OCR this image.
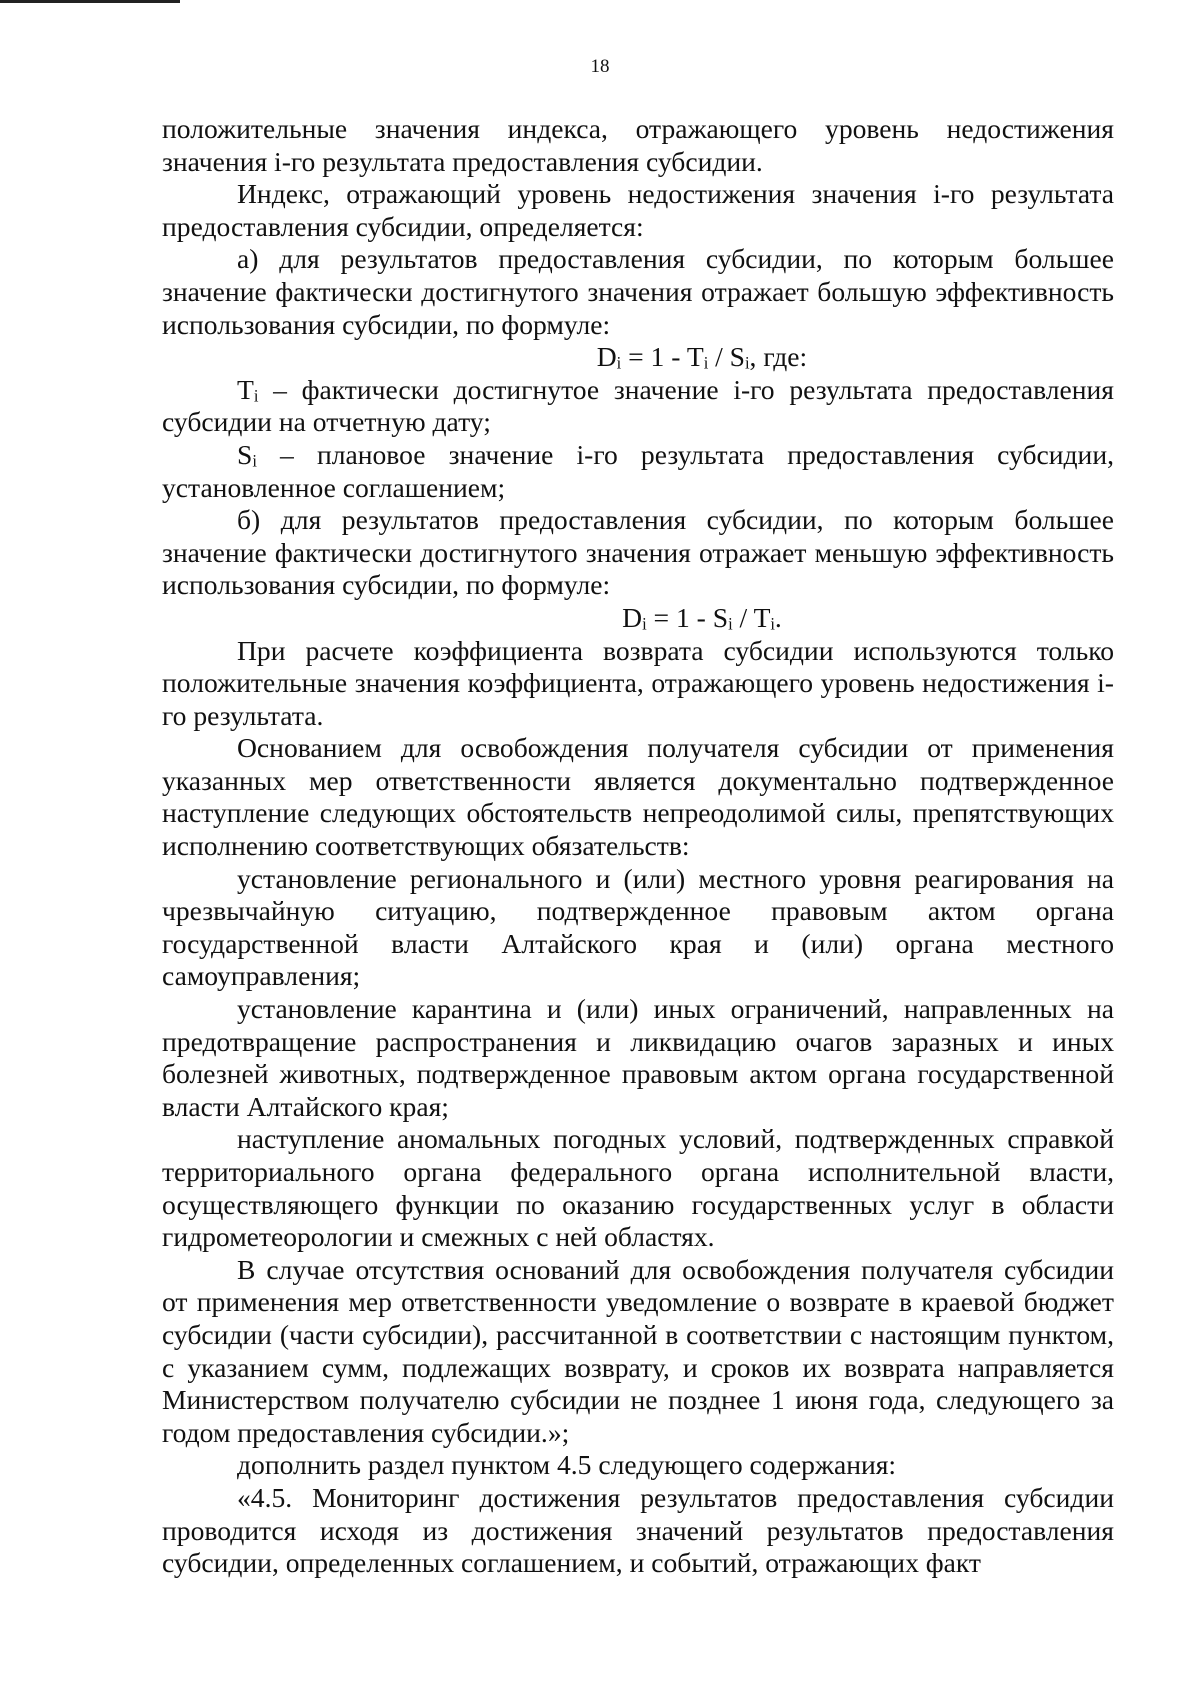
18

положительные значения индекса, отражающего уровень недостижения значения i-го результата предоставления субсидии.

Индекс, отражающий уровень недостижения значения i-го результата предоставления субсидии, определяется:

а) для результатов предоставления субсидии, по которым большее значение фактически достигнутого значения отражает большую эффективность использования субсидии, по формуле:

Dᵢ = 1 - Tᵢ / Sᵢ, где:

Tᵢ – фактически достигнутое значение i-го результата предоставления субсидии на отчетную дату;

Sᵢ – плановое значение i-го результата предоставления субсидии, установленное соглашением;

б) для результатов предоставления субсидии, по которым большее значение фактически достигнутого значения отражает меньшую эффективность использования субсидии, по формуле:

Dᵢ = 1 - Sᵢ / Tᵢ.

При расчете коэффициента возврата субсидии используются только положительные значения коэффициента, отражающего уровень недостижения i-го результата.

Основанием для освобождения получателя субсидии от применения указанных мер ответственности является документально подтвержденное наступление следующих обстоятельств непреодолимой силы, препятствующих исполнению соответствующих обязательств:

установление регионального и (или) местного уровня реагирования на чрезвычайную ситуацию, подтвержденное правовым актом органа государственной власти Алтайского края и (или) органа местного самоуправления;

установление карантина и (или) иных ограничений, направленных на предотвращение распространения и ликвидацию очагов заразных и иных болезней животных, подтвержденное правовым актом органа государственной власти Алтайского края;

наступление аномальных погодных условий, подтвержденных справкой территориального органа федерального органа исполнительной власти, осуществляющего функции по оказанию государственных услуг в области гидрометеорологии и смежных с ней областях.

В случае отсутствия оснований для освобождения получателя субсидии от применения мер ответственности уведомление о возврате в краевой бюджет субсидии (части субсидии), рассчитанной в соответствии с настоящим пунктом, с указанием сумм, подлежащих возврату, и сроков их возврата направляется Министерством получателю субсидии не позднее 1 июня года, следующего за годом предоставления субсидии.»;

дополнить раздел пунктом 4.5 следующего содержания:

«4.5. Мониторинг достижения результатов предоставления субсидии проводится исходя из достижения значений результатов предоставления субсидии, определенных соглашением, и событий, отражающих факт
